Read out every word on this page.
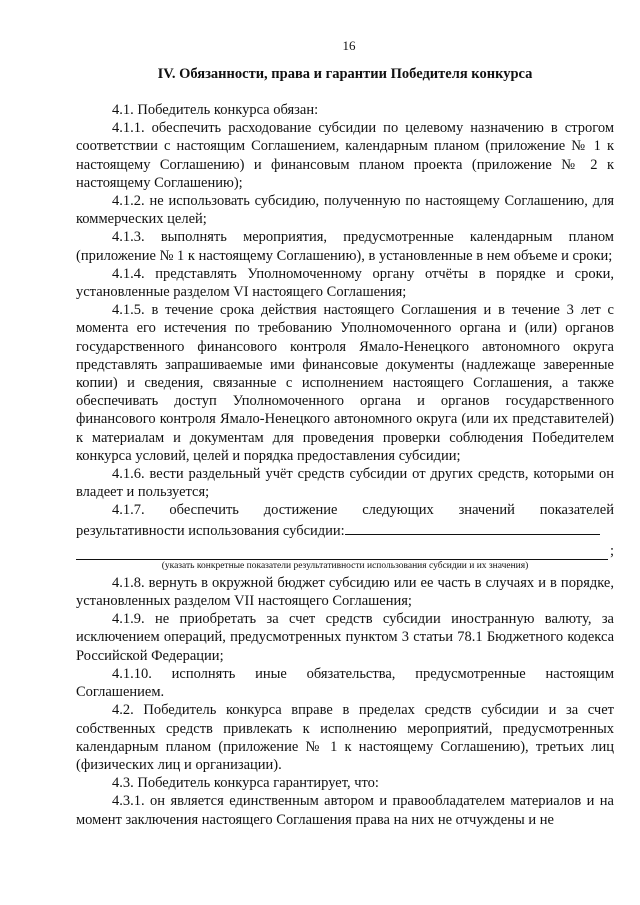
16
IV. Обязанности, права и гарантии Победителя конкурса

4.1. Победитель конкурса обязан:

4.1.1. обеспечить расходование субсидии по целевому назначению в строгом соответствии с настоящим Соглашением, календарным планом (приложение № 1 к настоящему Соглашению) и финансовым планом проекта (приложение № 2 к настоящему Соглашению);

4.1.2. не использовать субсидию, полученную по настоящему Соглашению, для коммерческих целей;

4.1.3. выполнять мероприятия, предусмотренные календарным планом (приложение № 1 к настоящему Соглашению), в установленные в нем объеме и сроки;

4.1.4. представлять Уполномоченному органу отчёты в порядке и сроки, установленные разделом VI настоящего Соглашения;

4.1.5. в течение срока действия настоящего Соглашения и в течение 3 лет с момента его истечения по требованию Уполномоченного органа и (или) органов государственного финансового контроля Ямало-Ненецкого автономного округа представлять запрашиваемые ими финансовые документы (надлежаще заверенные копии) и сведения, связанные с исполнением настоящего Соглашения, а также обеспечивать доступ Уполномоченного органа и органов государственного финансового контроля Ямало-Ненецкого автономного округа (или их представителей) к материалам и документам для проведения проверки соблюдения Победителем конкурса условий, целей и порядка предоставления субсидии;

4.1.6. вести раздельный учёт средств субсидии от других средств, которыми он владеет и пользуется;

4.1.7. обеспечить достижение следующих значений показателей результативности использования субсидии:

;
(указать конкретные показатели результативности использования субсидии и их значения)

4.1.8. вернуть в окружной бюджет субсидию или ее часть в случаях и в порядке, установленных разделом VII настоящего Соглашения;

4.1.9. не приобретать за счет средств субсидии иностранную валюту, за исключением операций, предусмотренных пунктом 3 статьи 78.1 Бюджетного кодекса Российской Федерации;

4.1.10. исполнять иные обязательства, предусмотренные настоящим Соглашением.

4.2. Победитель конкурса вправе в пределах средств субсидии и за счет собственных средств привлекать к исполнению мероприятий, предусмотренных календарным планом (приложение № 1 к настоящему Соглашению), третьих лиц (физических лиц и организации).

4.3. Победитель конкурса гарантирует, что:

4.3.1. он является единственным автором и правообладателем материалов и на момент заключения настоящего Соглашения права на них не отчуждены и не
